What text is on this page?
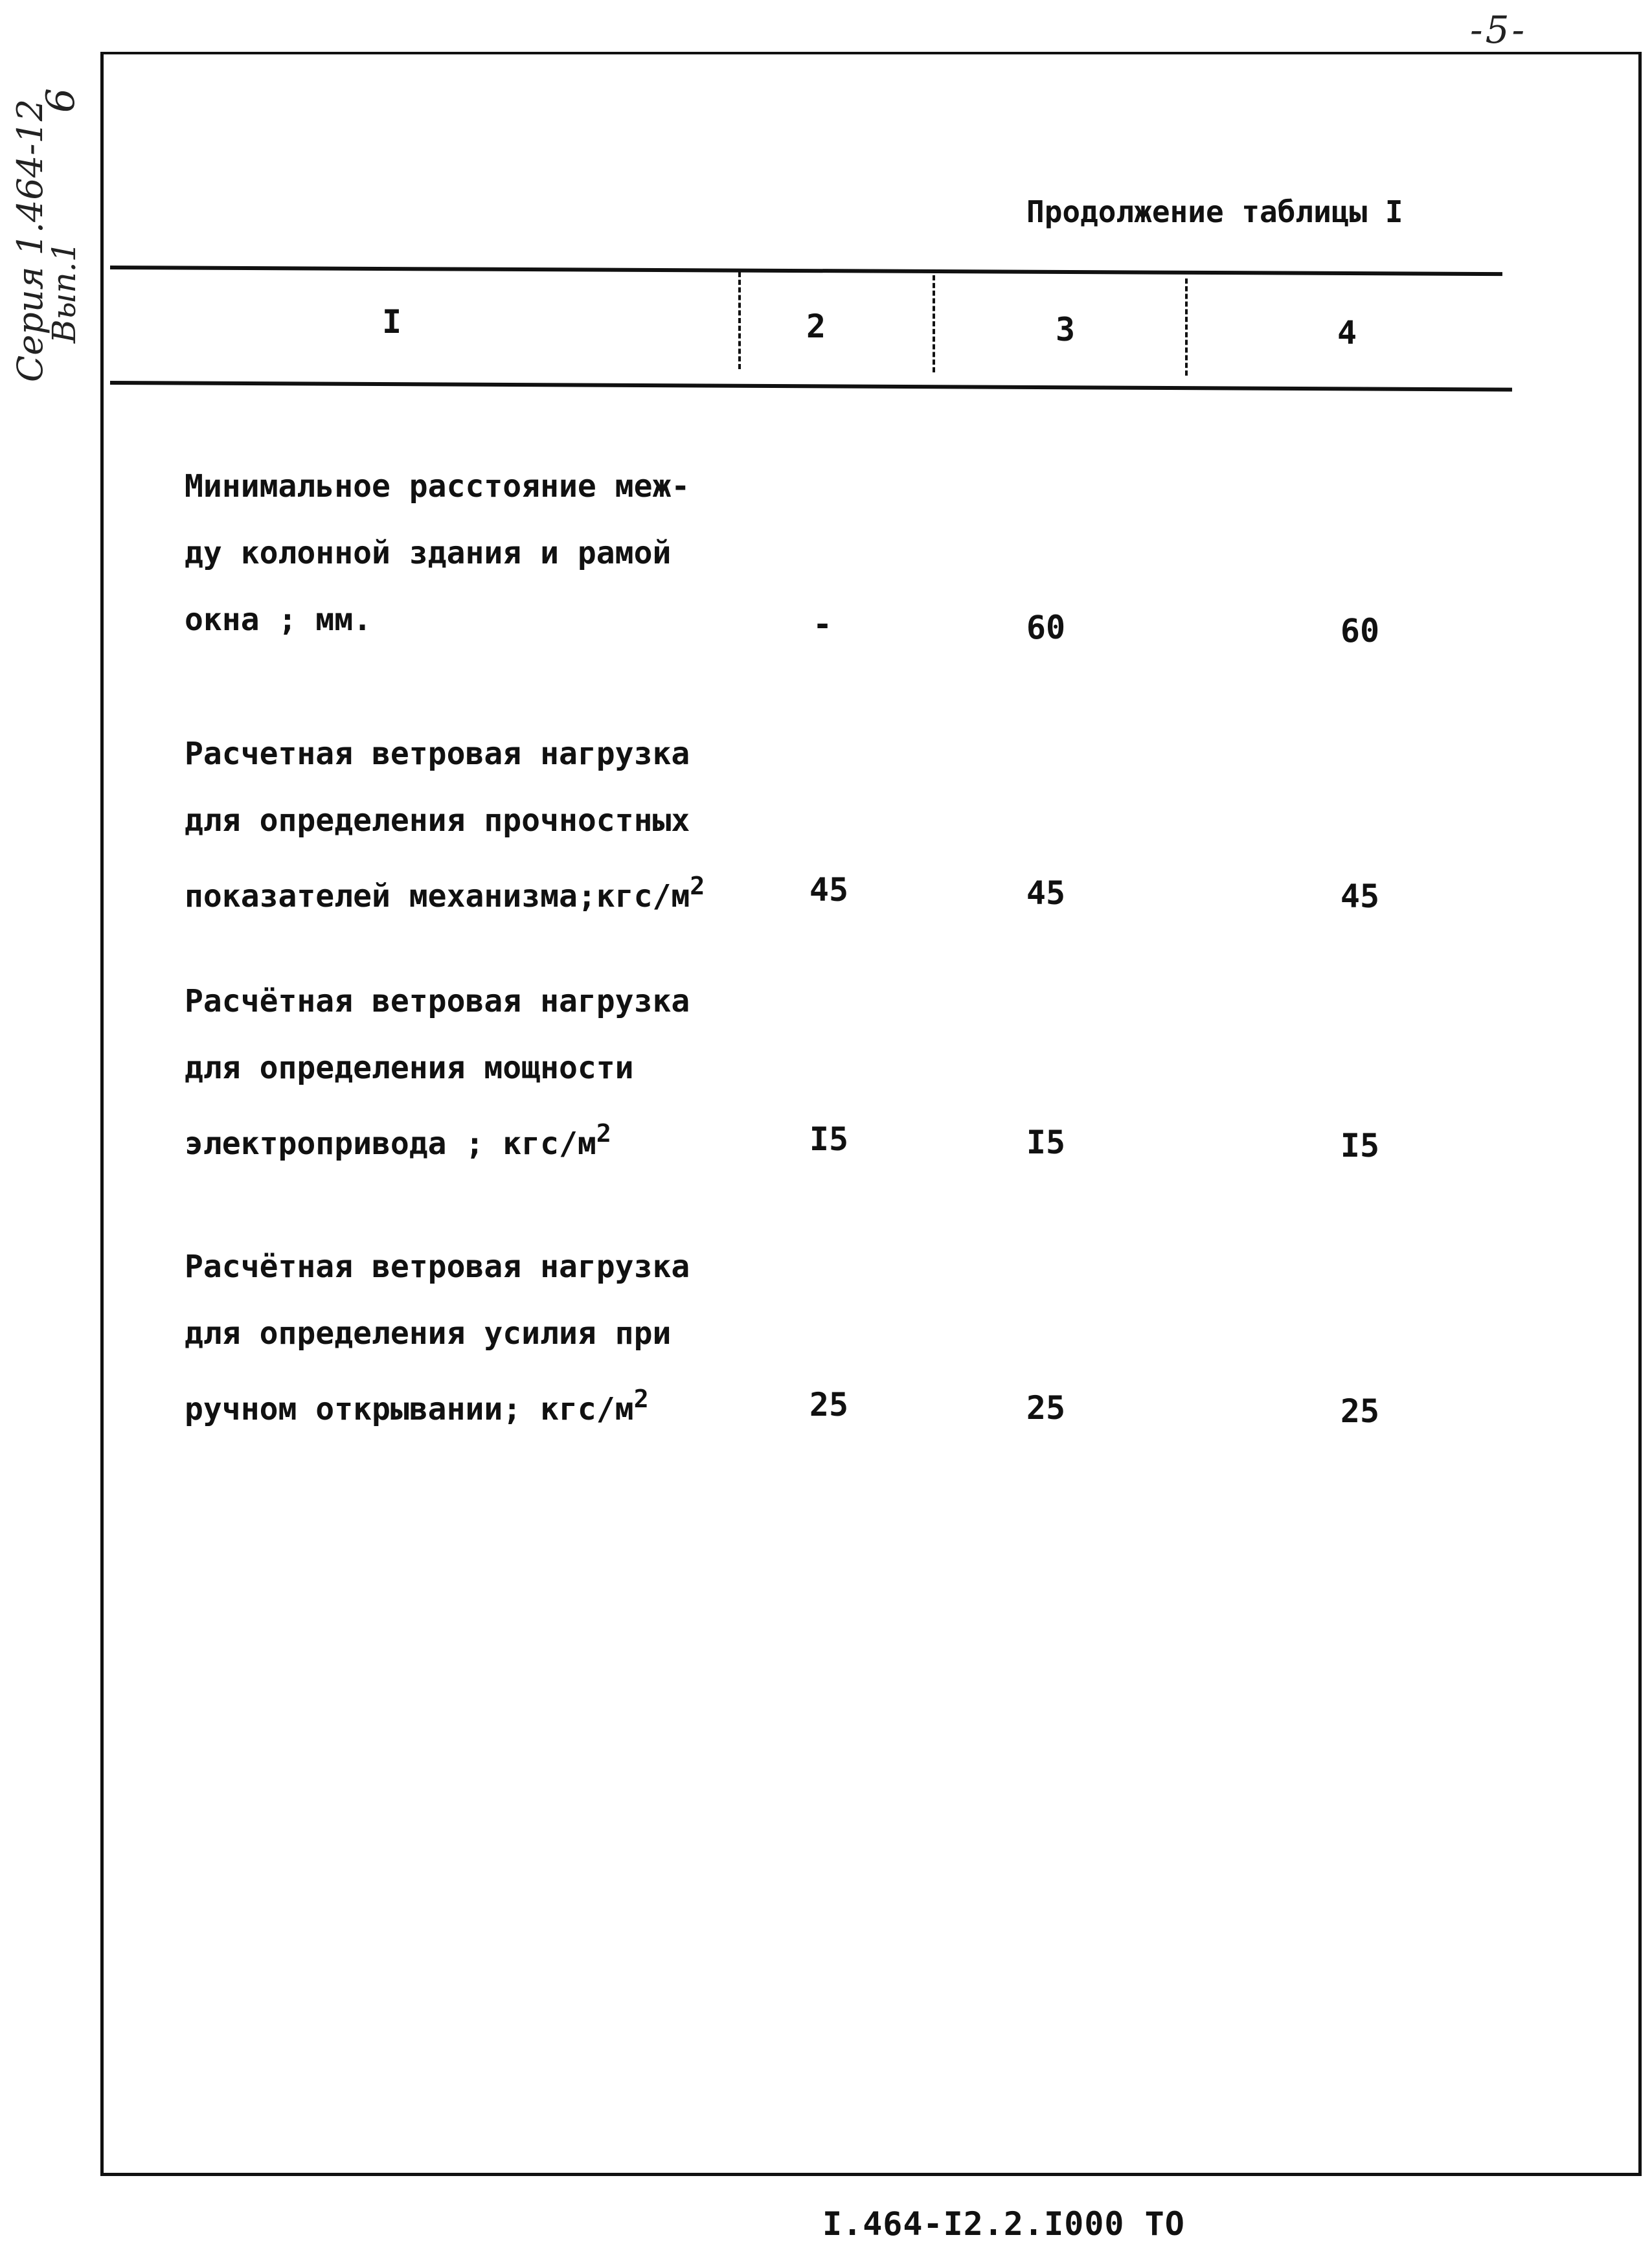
-5-
Серия 1.464-12
Вып.1
6
Продолжение таблицы I
I	2	3	4
Минимальное расстояние меж-
ду колонной здания и рамой
окна ; мм.	-	60	60
Расчетная ветровая нагрузка
для определения прочностных
показателей $механизма;кгс/м^2$	45	45	45
Расчётная ветровая нагрузка
для определения мощности
электропривода ; кгс/$м^2$	I5	I5	I5
Расчётная ветровая нагрузка
для определения усилия при
ручном открывании; кгс/$м^2$	25	25	25
I.464-I2.2.I000 ТО
